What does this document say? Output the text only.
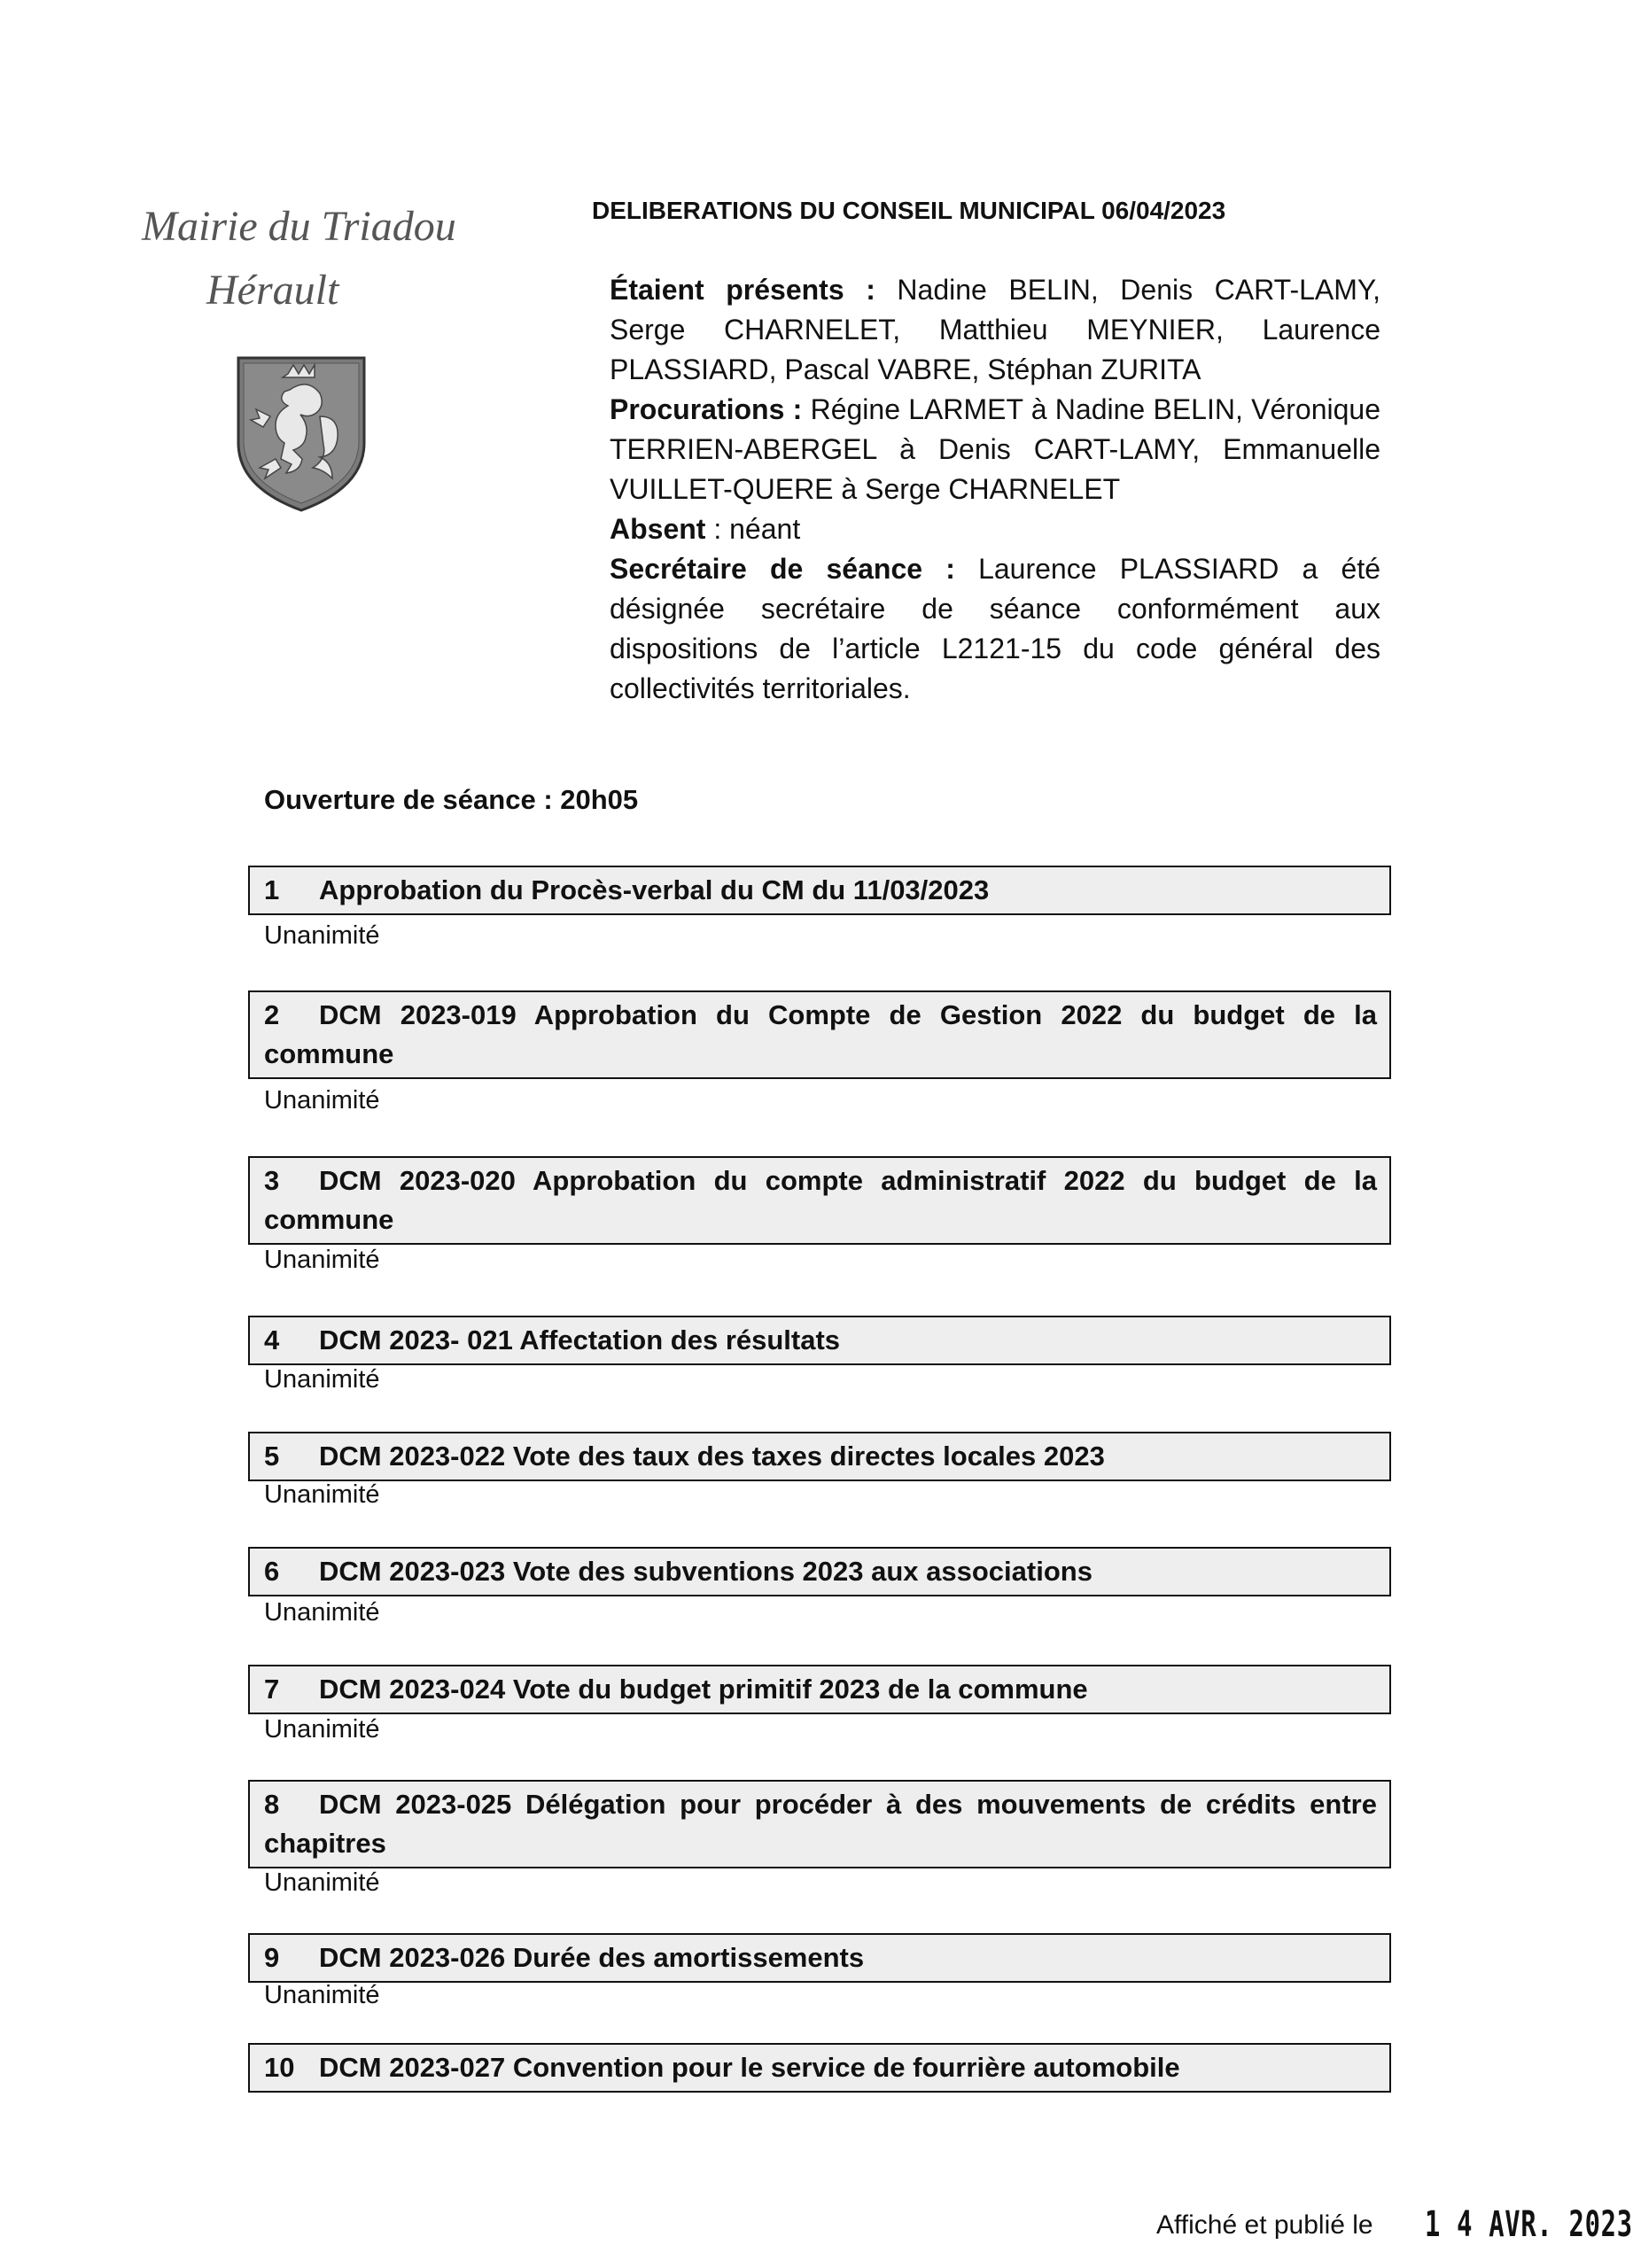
Mairie du Triadou
Hérault
DELIBERATIONS DU CONSEIL MUNICIPAL 06/04/2023

Étaient présents : Nadine BELIN, Denis CART-LAMY, Serge CHARNELET, Matthieu MEYNIER, Laurence PLASSIARD, Pascal VABRE, Stéphan ZURITA

Procurations : Régine LARMET à Nadine BELIN, Véronique TERRIEN-ABERGEL à Denis CART-LAMY, Emmanuelle VUILLET-QUERE à Serge CHARNELET

Absent : néant

Secrétaire de séance : Laurence PLASSIARD a été désignée secrétaire de séance conformément aux dispositions de l’article L2121-15 du code général des collectivités territoriales.

Ouverture de séance : 20h05
1 Approbation du Procès-verbal du CM du 11/03/2023
Unanimité
2 DCM 2023-019 Approbation du Compte de Gestion 2022 du budget de la commune
Unanimité
3 DCM 2023-020 Approbation du compte administratif 2022 du budget de la commune
Unanimité
4 DCM 2023- 021 Affectation des résultats
Unanimité
5 DCM 2023-022 Vote des taux des taxes directes locales 2023
Unanimité
6 DCM 2023-023 Vote des subventions 2023 aux associations
Unanimité
7 DCM 2023-024 Vote du budget primitif 2023 de la commune
Unanimité
8 DCM 2023-025 Délégation pour procéder à des mouvements de crédits entre chapitres
Unanimité
9 DCM 2023-026 Durée des amortissements
Unanimité
10 DCM 2023-027 Convention pour le service de fourrière automobile
Affiché et publié le 1 4 AVR. 2023
